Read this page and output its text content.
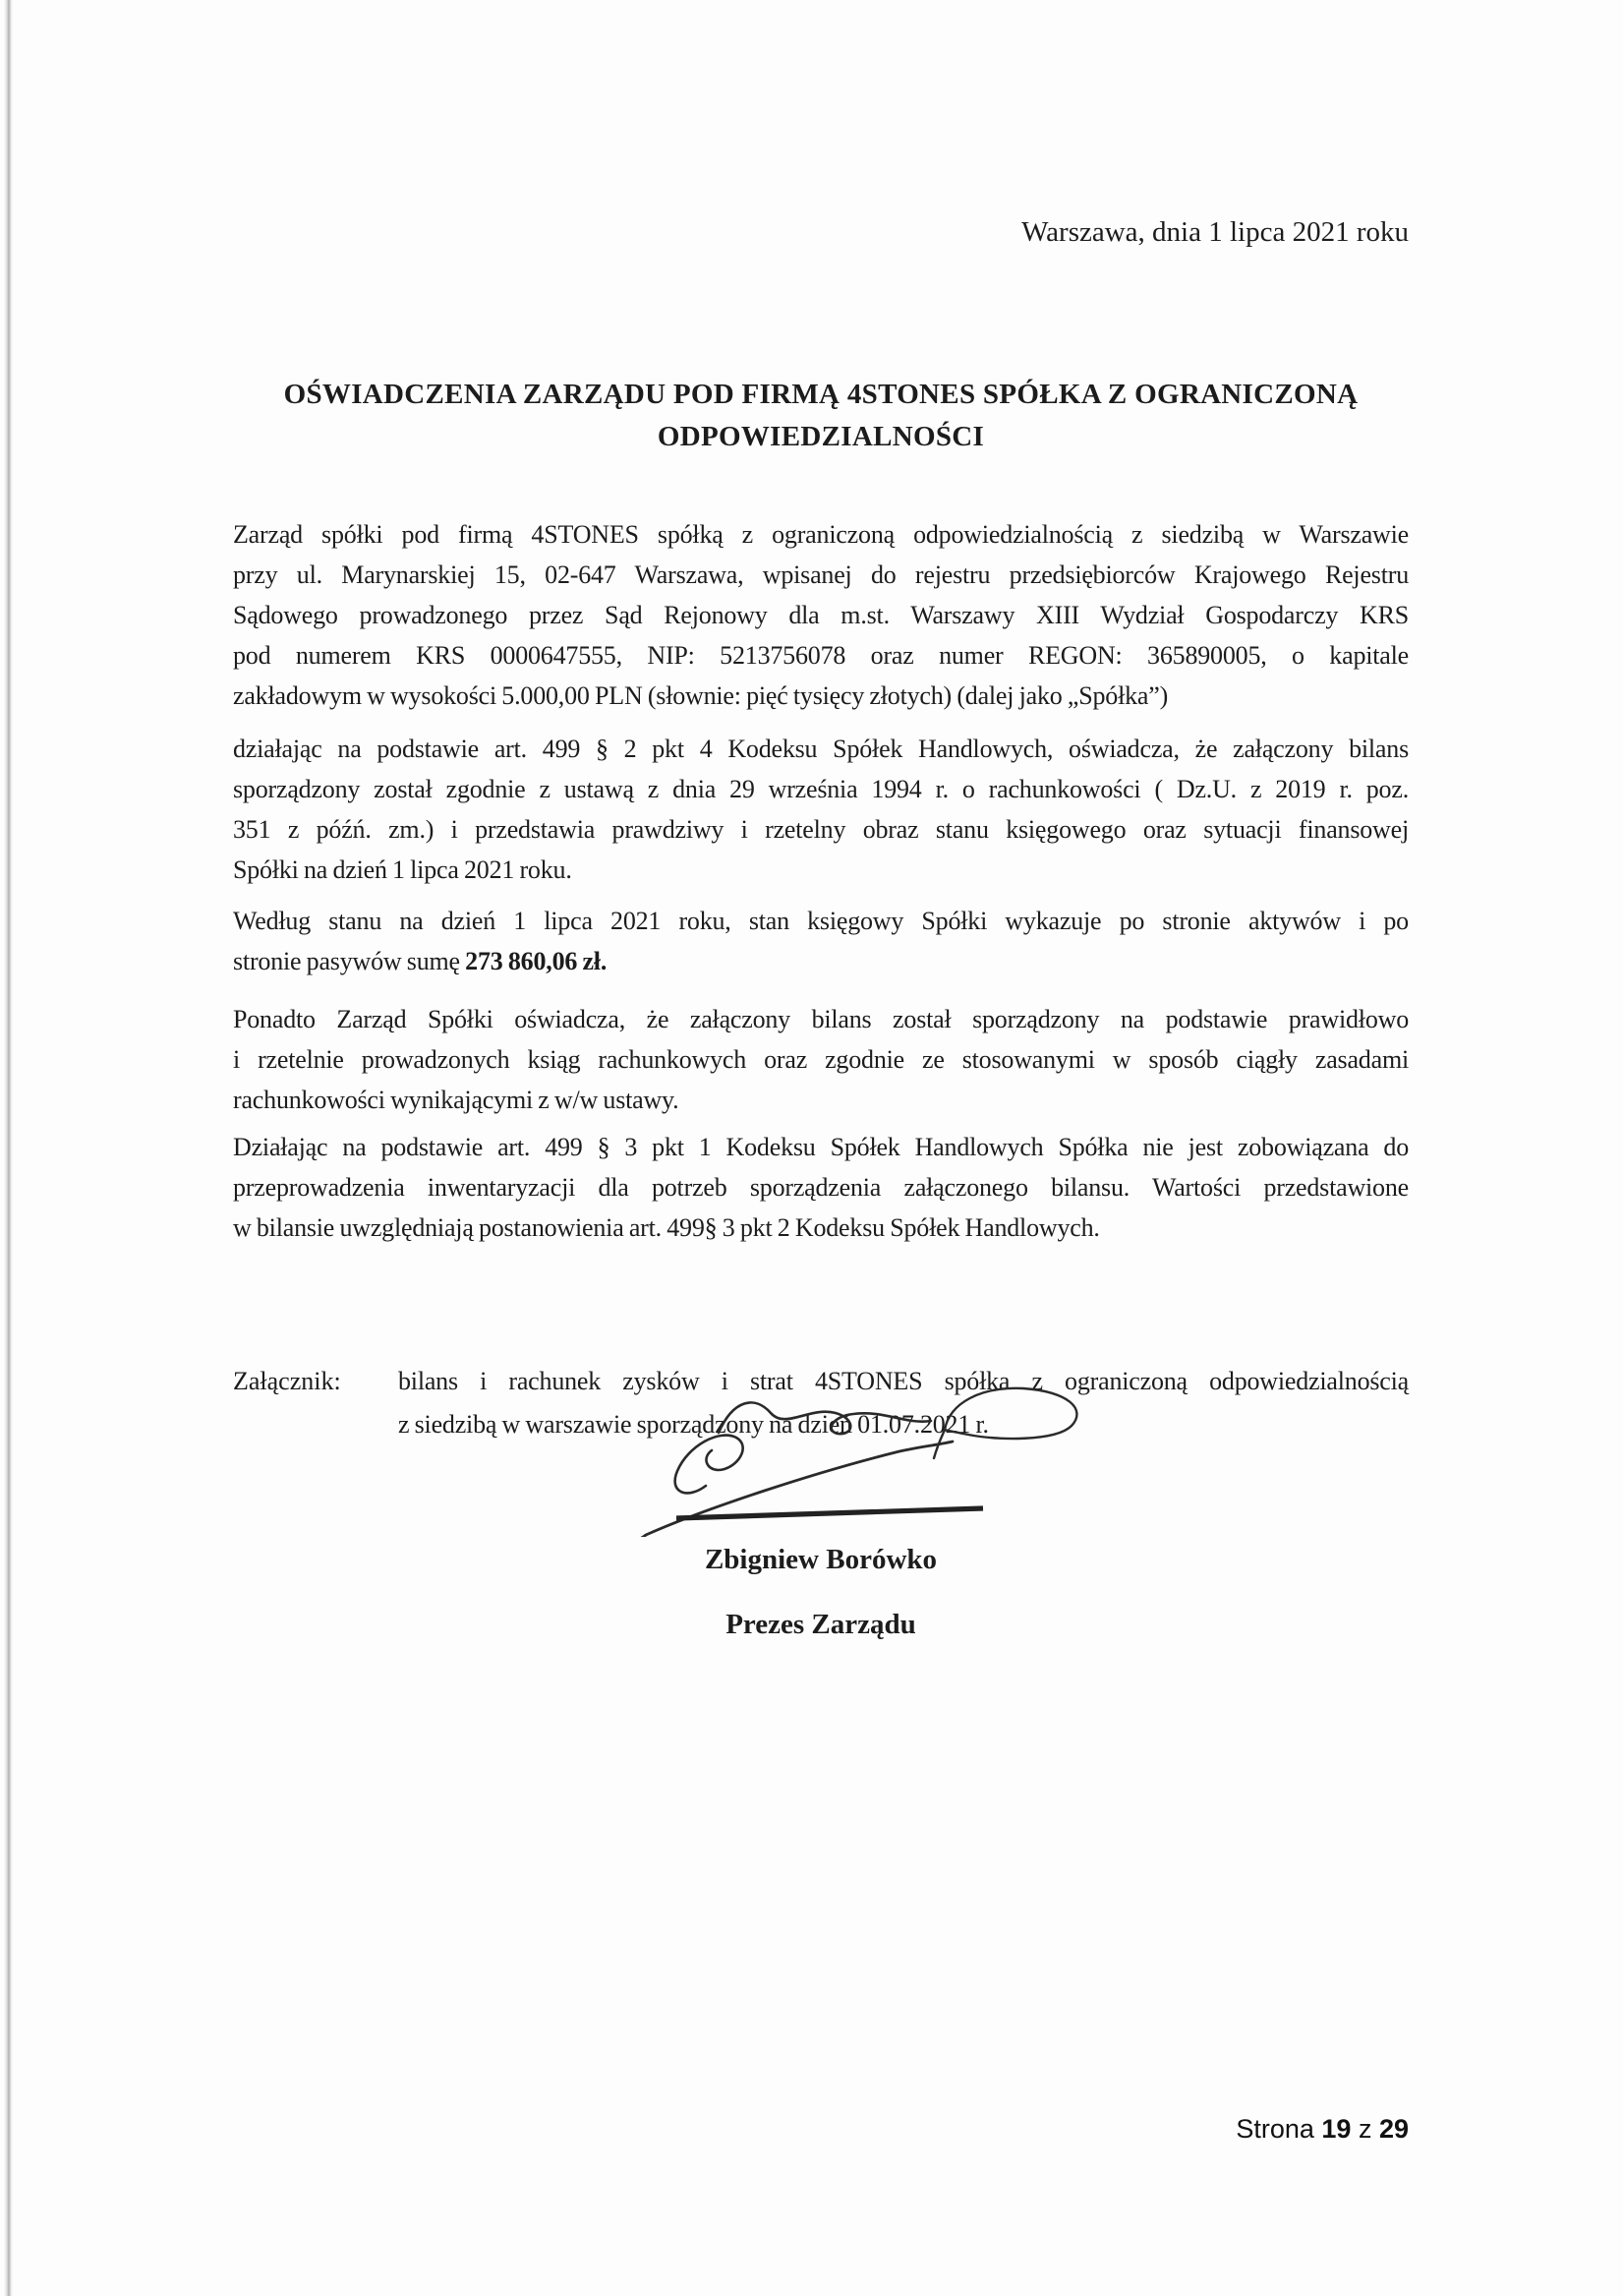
Warszawa, dnia 1 lipca 2021 roku
OŚWIADCZENIA ZARZĄDU POD FIRMĄ 4STONES SPÓŁKA Z OGRANICZONĄ
ODPOWIEDZIALNOŚCI
Zarząd spółki pod firmą 4STONES spółką z ograniczoną odpowiedzialnością z siedzibą w Warszawie
przy ul. Marynarskiej 15, 02-647 Warszawa, wpisanej do rejestru przedsiębiorców Krajowego Rejestru
Sądowego prowadzonego przez Sąd Rejonowy dla m.st. Warszawy XIII Wydział Gospodarczy KRS
pod numerem KRS 0000647555, NIP: 5213756078 oraz numer REGON: 365890005, o kapitale
zakładowym w wysokości 5.000,00 PLN (słownie: pięć tysięcy złotych) (dalej jako „Spółka”)
działając na podstawie art. 499 § 2 pkt 4 Kodeksu Spółek Handlowych, oświadcza, że załączony bilans
sporządzony został zgodnie z ustawą z dnia 29 września 1994 r. o rachunkowości ( Dz.U. z 2019 r. poz.
351 z późń. zm.) i przedstawia prawdziwy i rzetelny obraz stanu księgowego oraz sytuacji finansowej
Spółki na dzień 1 lipca 2021 roku.
Według stanu na dzień 1 lipca 2021 roku, stan księgowy Spółki wykazuje po stronie aktywów i po
stronie pasywów sumę 273 860,06 zł.
Ponadto Zarząd Spółki oświadcza, że załączony bilans został sporządzony na podstawie prawidłowo
i rzetelnie prowadzonych ksiąg rachunkowych oraz zgodnie ze stosowanymi w sposób ciągły zasadami
rachunkowości wynikającymi z w/w ustawy.
Działając na podstawie art. 499 § 3 pkt 1 Kodeksu Spółek Handlowych Spółka nie jest zobowiązana do
przeprowadzenia inwentaryzacji dla potrzeb sporządzenia załączonego bilansu. Wartości przedstawione
w bilansie uwzględniają postanowienia art. 499§ 3 pkt 2 Kodeksu Spółek Handlowych.
Załącznik: bilans i rachunek zysków i strat 4STONES spółka z ograniczoną odpowiedzialnością
z siedzibą w warszawie sporządzony na dzień 01.07.2021 r.
Zbigniew Borówko
Prezes Zarządu
Strona 19 z 29
